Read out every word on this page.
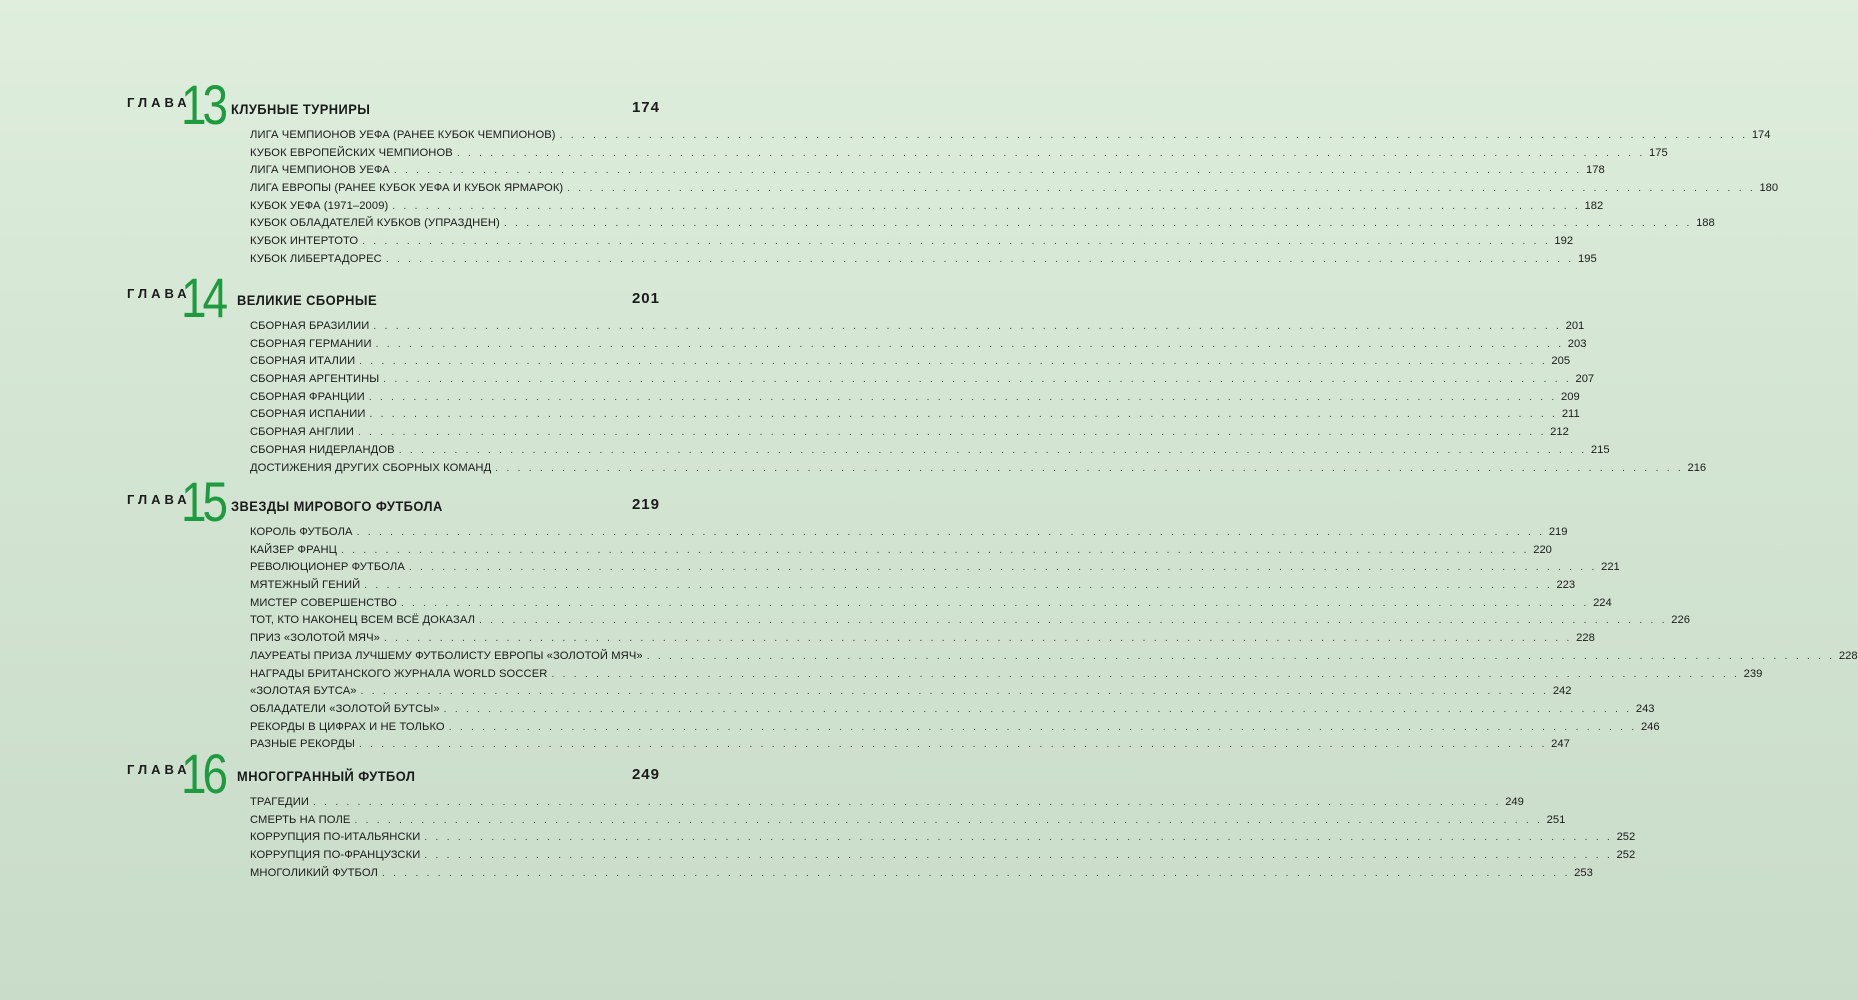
ГЛАВА
13 КЛУБНЫЕ ТУРНИРЫ	174
ЛИГА ЧЕМПИОНОВ УЕФА (РАНЕЕ КУБОК ЧЕМПИОНОВ) . . .	174
КУБОК ЕВРОПЕЙСКИХ ЧЕМПИОНОВ . . .	175
ЛИГА ЧЕМПИОНОВ УЕФА . . .	178
ЛИГА ЕВРОПЫ (РАНЕЕ КУБОК УЕФА И КУБОК ЯРМАРОК) . . .	180
КУБОК УЕФА (1971–2009) . . .	182
КУБОК ОБЛАДАТЕЛЕЙ КУБКОВ (УПРАЗДНЕН) . . .	188
КУБОК ИНТЕРТОТО . . .	192
КУБОК ЛИБЕРТАДОРЕС . . .	195
ГЛАВА
14 ВЕЛИКИЕ СБОРНЫЕ	201
СБОРНАЯ БРАЗИЛИИ . . .	201
СБОРНАЯ ГЕРМАНИИ . . .	203
СБОРНАЯ ИТАЛИИ . . .	205
СБОРНАЯ АРГЕНТИНЫ . . .	207
СБОРНАЯ ФРАНЦИИ . . .	209
СБОРНАЯ ИСПАНИИ . . .	211
СБОРНАЯ АНГЛИИ . . .	212
СБОРНАЯ НИДЕРЛАНДОВ . . .	215
ДОСТИЖЕНИЯ ДРУГИХ СБОРНЫХ КОМАНД . . .	216
ГЛАВА
15 ЗВЕЗДЫ МИРОВОГО ФУТБОЛА	219
КОРОЛЬ ФУТБОЛА . . .	219
КАЙЗЕР ФРАНЦ . . .	220
РЕВОЛЮЦИОНЕР ФУТБОЛА . . .	221
МЯТЕЖНЫЙ ГЕНИЙ . . .	223
МИСТЕР СОВЕРШЕНСТВО . . .	224
ТОТ, КТО НАКОНЕЦ ВСЕМ ВСЁ ДОКАЗАЛ . . .	226
ПРИЗ «ЗОЛОТОЙ МЯЧ» . . .	228
ЛАУРЕАТЫ ПРИЗА ЛУЧШЕМУ ФУТБОЛИСТУ ЕВРОПЫ «ЗОЛОТОЙ МЯЧ» . . .	228
НАГРАДЫ БРИТАНСКОГО ЖУРНАЛА WORLD SOCCER . . .	239
«ЗОЛОТАЯ БУТСА» . . .	242
ОБЛАДАТЕЛИ «ЗОЛОТОЙ БУТСЫ» . . .	243
РЕКОРДЫ В ЦИФРАХ И НЕ ТОЛЬКО . . .	246
РАЗНЫЕ РЕКОРДЫ . . .	247
ГЛАВА
16 МНОГОГРАННЫЙ ФУТБОЛ	249
ТРАГЕДИИ . . .	249
СМЕРТЬ НА ПОЛЕ . . .	251
КОРРУПЦИЯ ПО-ИТАЛЬЯНСКИ . . .	252
КОРРУПЦИЯ ПО-ФРАНЦУЗСКИ . . .	252
МНОГОЛИКИЙ ФУТБОЛ . . .	253
